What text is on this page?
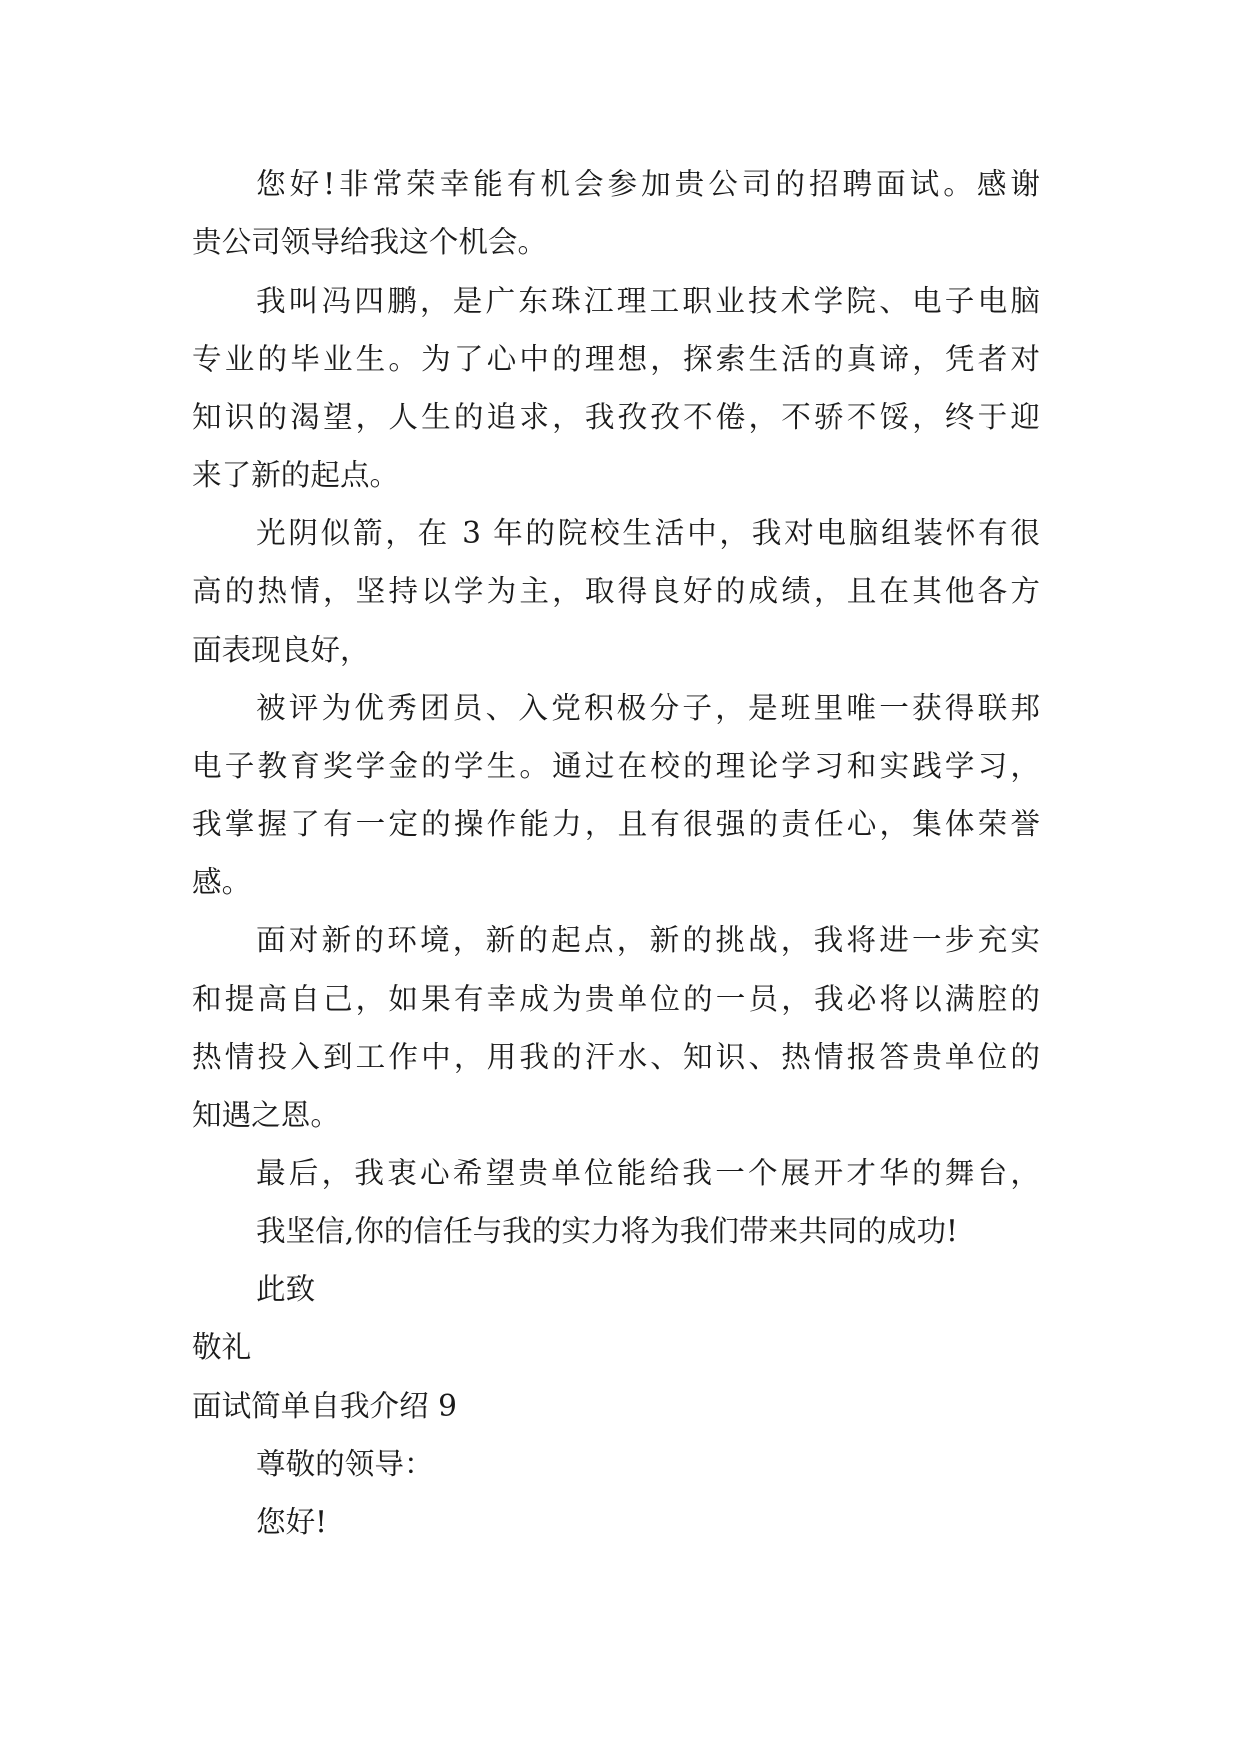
您好!非常荣幸能有机会参加贵公司的招聘面试。感谢
贵公司领导给我这个机会。
我叫冯四鹏，是广东珠江理工职业技术学院、电子电脑
专业的毕业生。为了心中的理想，探索生活的真谛，凭者对
知识的渴望，人生的追求，我孜孜不倦，不骄不馁，终于迎
来了新的起点。
光阴似箭，在 3 年的院校生活中，我对电脑组装怀有很
高的热情，坚持以学为主，取得良好的成绩，且在其他各方
面表现良好，
被评为优秀团员、入党积极分子，是班里唯一获得联邦
电子教育奖学金的学生。通过在校的理论学习和实践学习，
我掌握了有一定的操作能力，且有很强的责任心，集体荣誉
感。
面对新的环境，新的起点，新的挑战，我将进一步充实
和提高自己，如果有幸成为贵单位的一员，我必将以满腔的
热情投入到工作中，用我的汗水、知识、热情报答贵单位的
知遇之恩。
最后，我衷心希望贵单位能给我一个展开才华的舞台，
我坚信,你的信任与我的实力将为我们带来共同的成功!
此致
敬礼
面试简单自我介绍 9
尊敬的领导：
您好!
